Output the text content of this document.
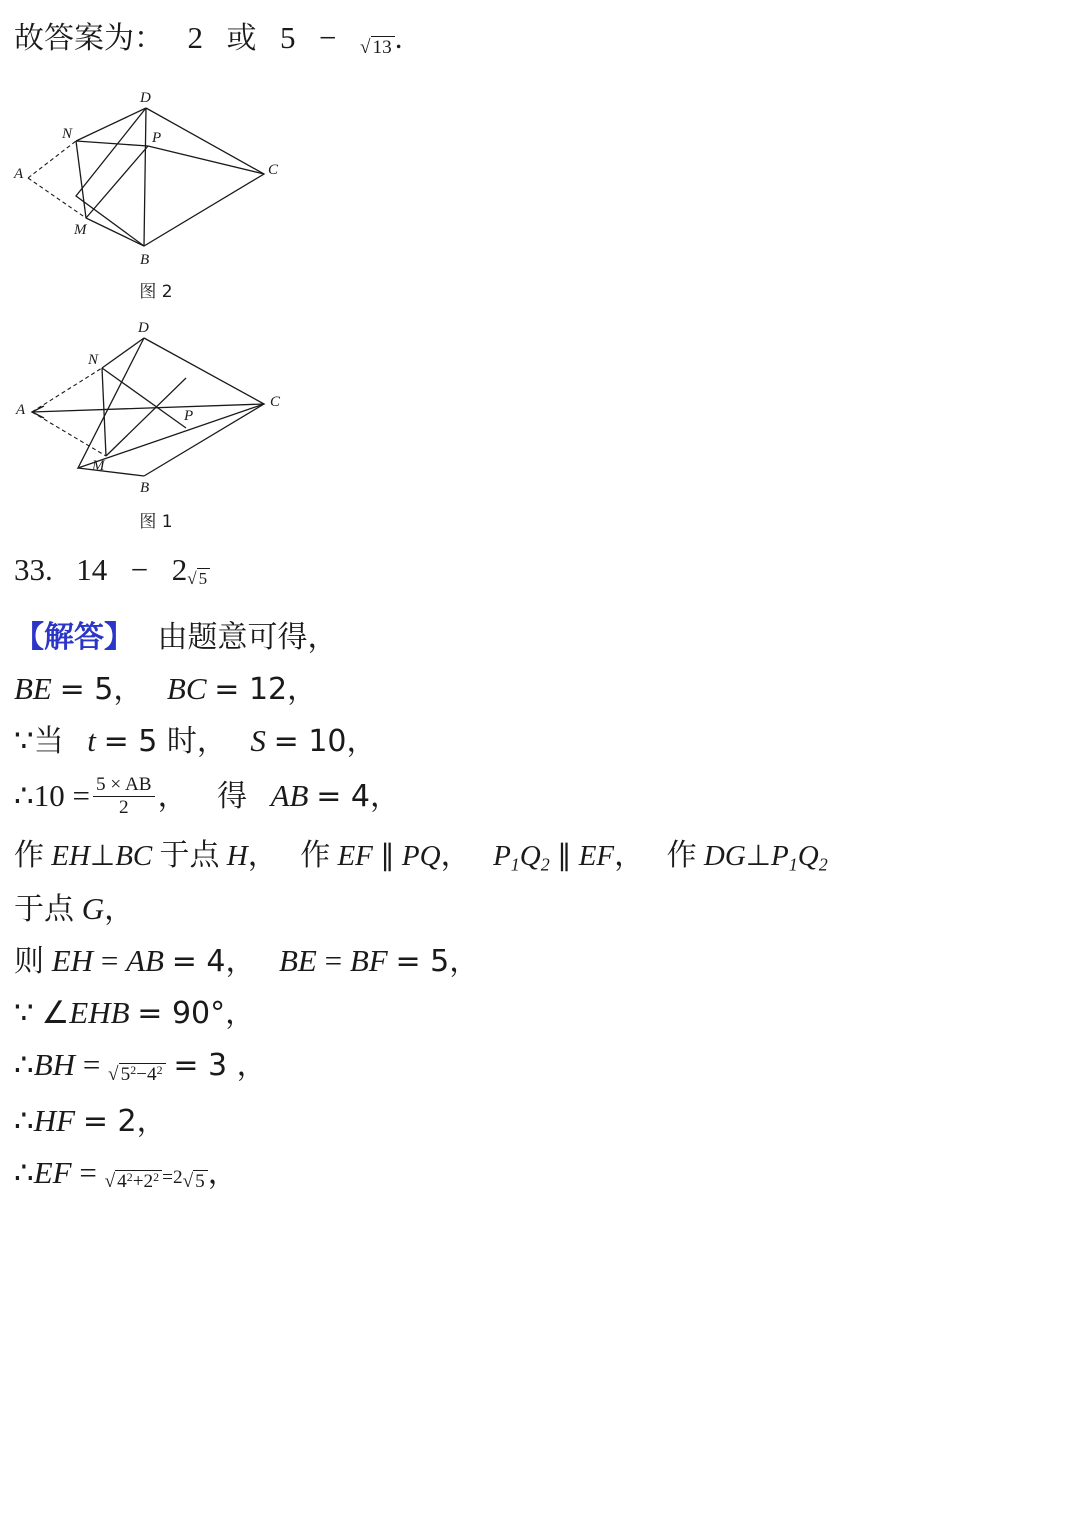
故答案为： 2 或 5 − √ 13.
D
N	P
A	C
M
B
图 2
D
N
A	P
C
M
B
图 1
33. 14 − 2√ 5
【解答】 由题意可得，
BE = 5， BC = 12，
∵当 t = 5 时， S = 10，
∴10 = $\frac{5 \times AB}{2}$ ， 得 AB = 4，
作 EH⊥BC 于点 H， 作 EF ∥ PQ， $P_1Q_2$ ∥ EF， 作 $DG\perp P_1Q_2$
于点 G，
则 EH = AB = 4， BE = BF = 5，
∵ ∠EHB = 90°，
∴BH = √ $5^2-4^2 = 3$ ，
∴HF = 2，
∴EF = √ $4^2+2^2 =2√$ 5 ，
